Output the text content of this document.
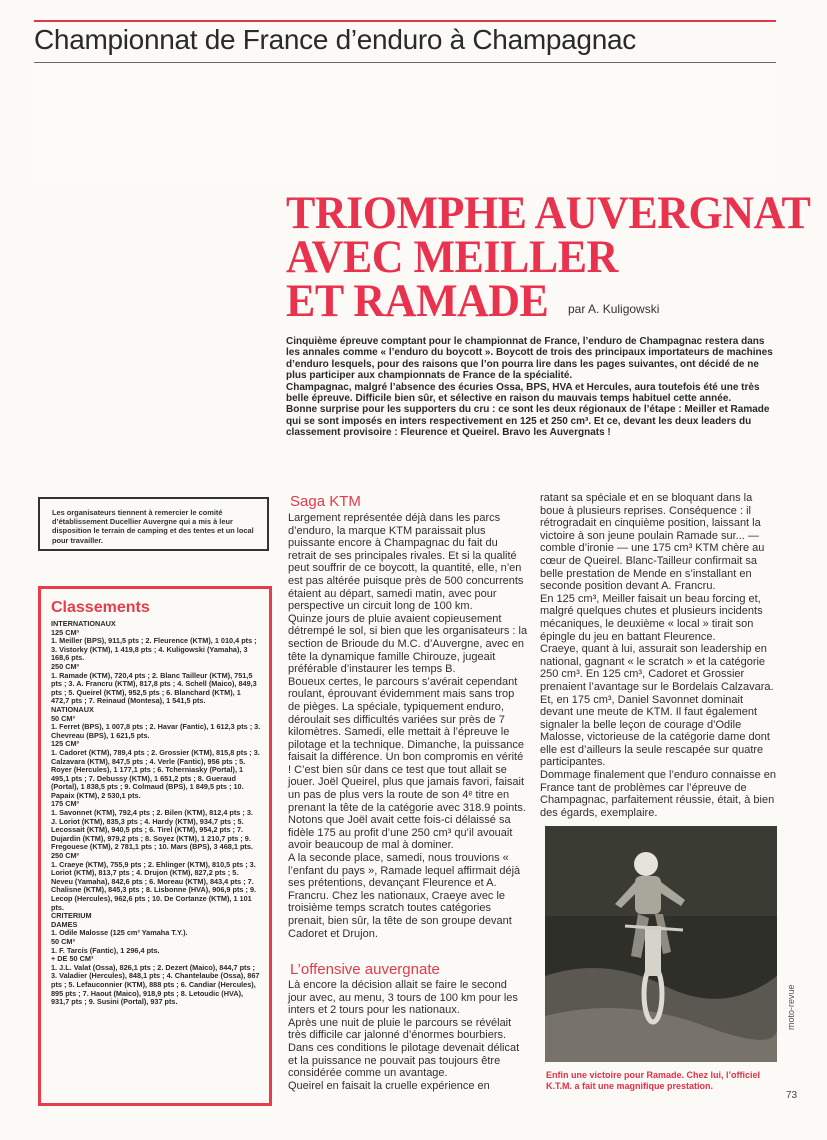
Championnat de France d’enduro à Champagnac
TRIOMPHE AUVERGNAT
AVEC MEILLER
ET RAMADE	par A. Kuligowski

Cinquième épreuve comptant pour le championnat de France, l’enduro de Champagnac restera dans les annales comme « l’enduro du boycott ». Boycott de trois des principaux importateurs de machines d’enduro lesquels, pour des raisons que l’on pourra lire dans les pages suivantes, ont décidé de ne plus participer aux championnats de France de la spécialité.

Champagnac, malgré l’absence des écuries Ossa, BPS, HVA et Hercules, aura toutefois été une très belle épreuve. Difficile bien sûr, et sélective en raison du mauvais temps habituel cette année.

Bonne surprise pour les supporters du cru : ce sont les deux régionaux de l’étape : Meiller et Ramade qui se sont imposés en inters respectivement en 125 et 250 cm³. Et ce, devant les deux leaders du classement provisoire : Fleurence et Queirel. Bravo les Auvergnats !

Les organisateurs tiennent à remercier le comité d’établissement Ducellier Auvergne qui a mis à leur disposition le terrain de camping et des tentes et un local pour travailler.
Classements
INTERNATIONAUX
125 CM³
1. Meiller (BPS), 911,5 pts ; 2. Fleurence (KTM), 1 010,4 pts ; 3. Vistorky (KTM), 1 419,8 pts ; 4. Kuligowski (Yamaha), 3 168,6 pts.
250 CM³
1. Ramade (KTM), 720,4 pts ; 2. Blanc Tailleur (KTM), 751,5 pts ; 3. A. Francru (KTM), 817,8 pts ; 4. Schell (Maico), 849,3 pts ; 5. Queirel (KTM), 952,5 pts ; 6. Blanchard (KTM), 1 472,7 pts ; 7. Reinaud (Montesa), 1 541,5 pts.
NATIONAUX
50 CM³
1. Ferret (BPS), 1 007,8 pts ; 2. Havar (Fantic), 1 612,3 pts ; 3. Chevreau (BPS), 1 621,5 pts.
125 CM³
1. Cadoret (KTM), 789,4 pts ; 2. Grossier (KTM), 815,8 pts ; 3. Calzavara (KTM), 847,5 pts ; 4. Verle (Fantic), 956 pts ; 5. Royer (Hercules), 1 177,1 pts ; 6. Tcherniasky (Portal), 1 495,1 pts ; 7. Debussy (KTM), 1 651,2 pts ; 8. Gueraud (Portal), 1 838,5 pts ; 9. Colmaud (BPS), 1 849,5 pts ; 10. Papaix (KTM), 2 530,1 pts.
175 CM³
1. Savonnet (KTM), 792,4 pts ; 2. Bilen (KTM), 812,4 pts ; 3. J. Loriot (KTM), 835,3 pts ; 4. Hardy (KTM), 934,7 pts ; 5. Lecossait (KTM), 940,5 pts ; 6. Tirel (KTM), 954,2 pts ; 7. Dujardin (KTM), 979,2 pts ; 8. Soyez (KTM), 1 210,7 pts ; 9. Fregouese (KTM), 2 781,1 pts ; 10. Mars (BPS), 3 468,1 pts.
250 CM³
1. Craeye (KTM), 755,9 pts ; 2. Ehlinger (KTM), 810,5 pts ; 3. Loriot (KTM), 813,7 pts ; 4. Drujon (KTM), 827,2 pts ; 5. Neveu (Yamaha), 842,6 pts ; 6. Moreau (KTM), 843,4 pts ; 7. Chalisne (KTM), 845,3 pts ; 8. Lisbonne (HVA), 906,9 pts ; 9. Lecop (Hercules), 962,6 pts ; 10. De Cortanze (KTM), 1 101 pts.
CRITERIUM
DAMES
1. Odile Malosse (125 cm³ Yamaha T.Y.).
50 CM³
1. F. Tarcis (Fantic), 1 296,4 pts.
+ DE 50 CM³
1. J.L. Valat (Ossa), 826,1 pts ; 2. Dezert (Maico), 844,7 pts ; 3. Valadier (Hercules), 848,1 pts ; 4. Chantelaube (Ossa), 867 pts ; 5. Lefauconnier (KTM), 888 pts ; 6. Candiar (Hercules), 895 pts ; 7. Haout (Maico), 918,9 pts ; 8. Letoudic (HVA), 931,7 pts ; 9. Susini (Portal), 937 pts.
Saga KTM

Largement représentée déjà dans les parcs d’enduro, la marque KTM paraissait plus puissante encore à Champagnac du fait du retrait de ses principales rivales. Et si la qualité peut souffrir de ce boycott, la quantité, elle, n’en est pas altérée puisque près de 500 concurrents étaient au départ, samedi matin, avec pour perspective un circuit long de 100 km.

Quinze jours de pluie avaient copieusement détrempé le sol, si bien que les organisateurs : la section de Brioude du M.C. d’Auvergne, avec en tête la dynamique famille Chirouze, jugeait préférable d’instaurer les temps B.

Boueux certes, le parcours s’avérait cependant roulant, éprouvant évidemment mais sans trop de pièges. La spéciale, typiquement enduro, déroulait ses difficultés variées sur près de 7 kilomètres. Samedi, elle mettait à l’épreuve le pilotage et la technique. Dimanche, la puissance faisait la différence. Un bon compromis en vérité ! C’est bien sûr dans ce test que tout allait se jouer. Joël Queirel, plus que jamais favori, faisait un pas de plus vers la route de son 4ᵉ titre en prenant la tête de la catégorie avec 318.9 points. Notons que Joël avait cette fois-ci délaissé sa fidèle 175 au profit d’une 250 cm³ qu’il avouait avoir beaucoup de mal à dominer.

A la seconde place, samedi, nous trouvions « l’enfant du pays », Ramade lequel affirmait déjà ses prétentions, devançant Fleurence et A. Francru. Chez les nationaux, Craeye avec le troisième temps scratch toutes catégories prenait, bien sûr, la tête de son groupe devant Cadoret et Drujon.

L’offensive auvergnate

Là encore la décision allait se faire le second jour avec, au menu, 3 tours de 100 km pour les inters et 2 tours pour les nationaux.

Après une nuit de pluie le parcours se révélait très difficile car jalonné d’énormes bourbiers. Dans ces conditions le pilotage devenait délicat et la puissance ne pouvait pas toujours être considérée comme un avantage.

Queirel en faisait la cruelle expérience en

ratant sa spéciale et en se bloquant dans la boue à plusieurs reprises. Conséquence : il rétrogradait en cinquième position, laissant la victoire à son jeune poulain Ramade sur... — comble d’ironie — une 175 cm³ KTM chère au cœur de Queirel. Blanc-Tailleur confirmait sa belle prestation de Mende en s’installant en seconde position devant A. Francru.

En 125 cm³, Meiller faisait un beau forcing et, malgré quelques chutes et plusieurs incidents mécaniques, le deuxième « local » tirait son épingle du jeu en battant Fleurence.

Craeye, quant à lui, assurait son leadership en national, gagnant « le scratch » et la catégorie 250 cm³. En 125 cm³, Cadoret et Grossier prenaient l’avantage sur le Bordelais Calzavara. Et, en 175 cm³, Daniel Savonnet dominait devant une meute de KTM. Il faut également signaler la belle leçon de courage d’Odile Malosse, victorieuse de la catégorie dame dont elle est d’ailleurs la seule rescapée sur quatre participantes.

Dommage finalement que l’enduro connaisse en France tant de problèmes car l’épreuve de Champagnac, parfaitement réussie, était, à bien des égards, exemplaire.

Enfin une victoire pour Ramade. Chez lui, l’officiel K.T.M. a fait une magnifique prestation.
moto-revue
73
